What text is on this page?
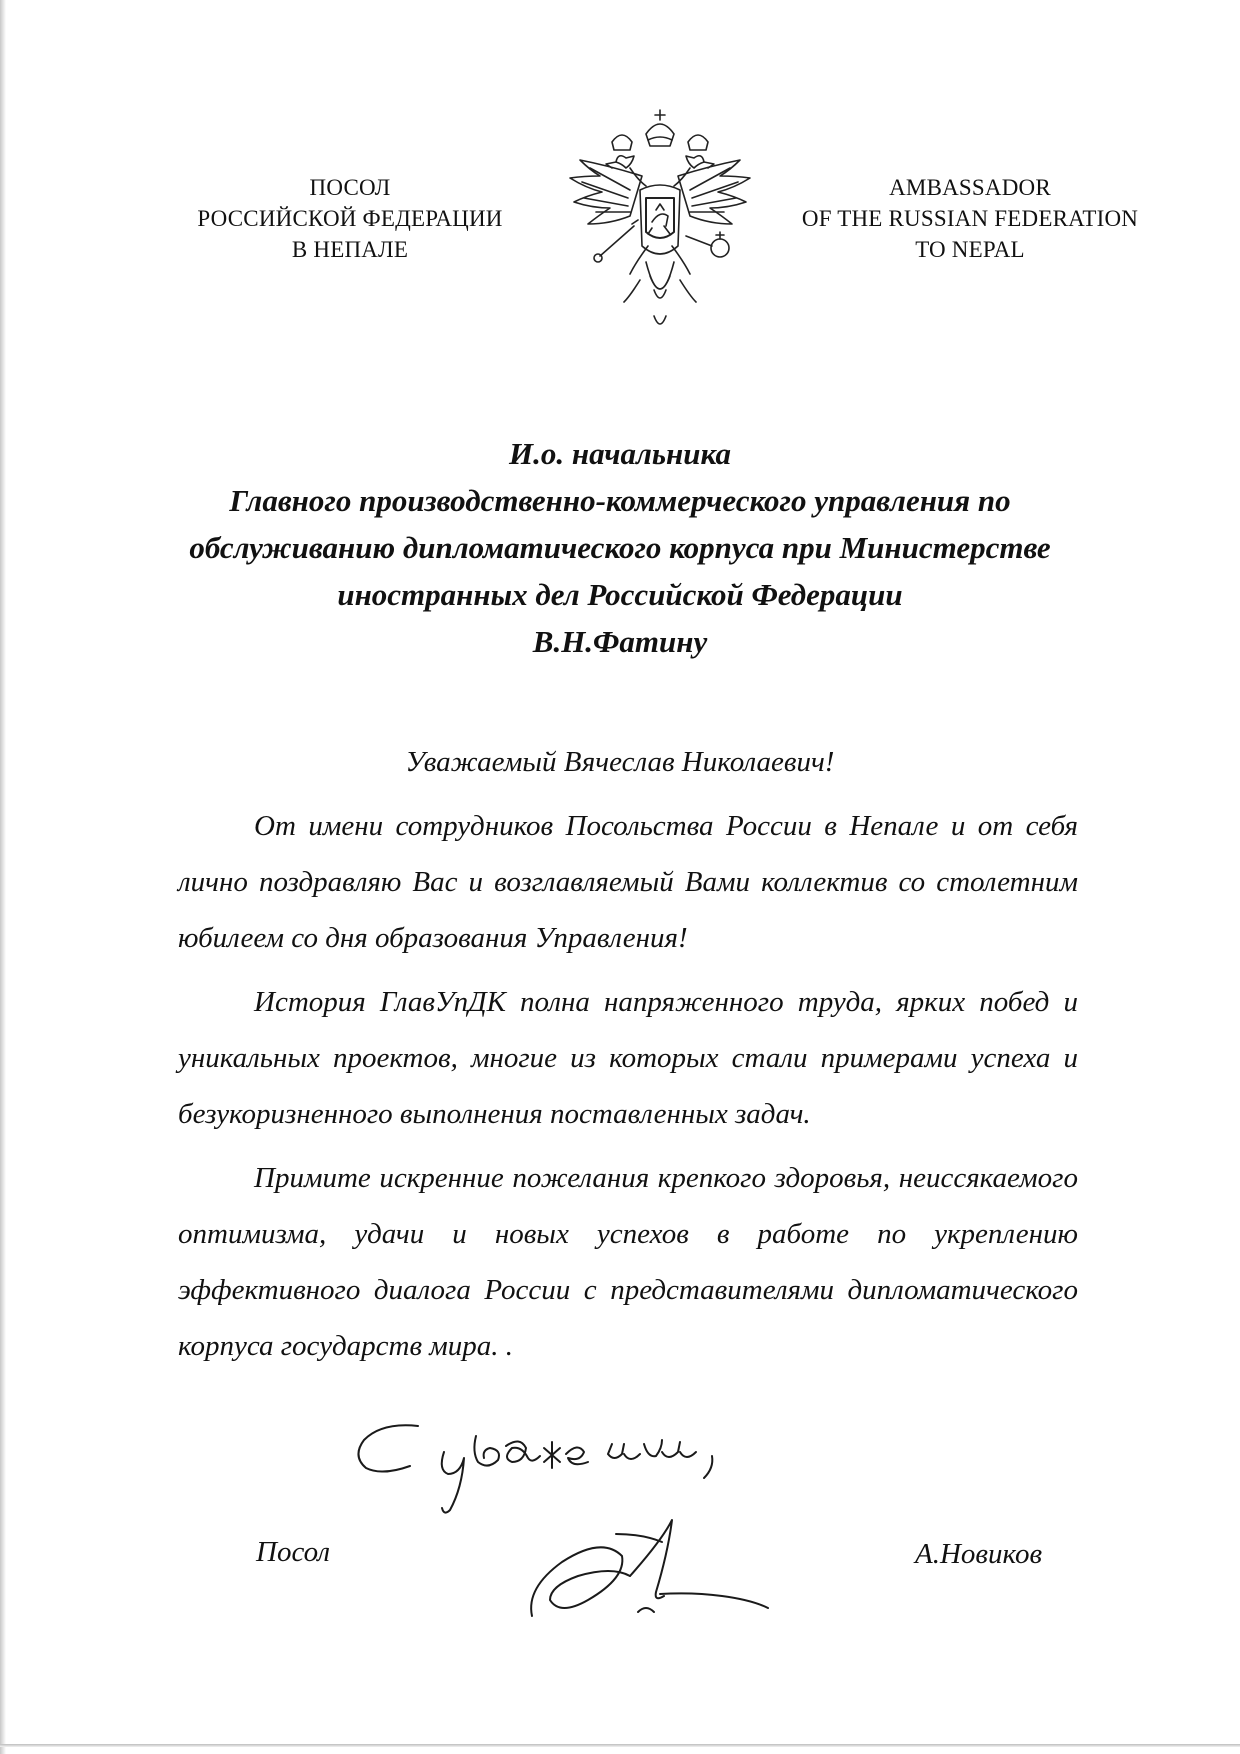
ПОСОЛ
РОССИЙСКОЙ ФЕДЕРАЦИИ
В НЕПАЛЕ
AMBASSADOR
OF THE RUSSIAN FEDERATION
TO NEPAL
И.о. начальника
Главного производственно-коммерческого управления по
обслуживанию дипломатического корпуса при Министерстве
иностранных дел Российской Федерации
В.Н.Фатину
Уважаемый Вячеслав Николаевич!

От имени сотрудников Посольства России в Непале и от себя лично поздравляю Вас и возглавляемый Вами коллектив со столетним юбилеем со дня образования Управления!

История ГлавУпДК полна напряженного труда, ярких побед и уникальных проектов, многие из которых стали примерами успеха и безукоризненного выполнения поставленных задач.

Примите искренние пожелания крепкого здоровья, неиссякаемого оптимизма, удачи и новых успехов в работе по укреплению эффективного диалога России с представителями дипломатического корпуса государств мира. .

Посол	А.Новиков
